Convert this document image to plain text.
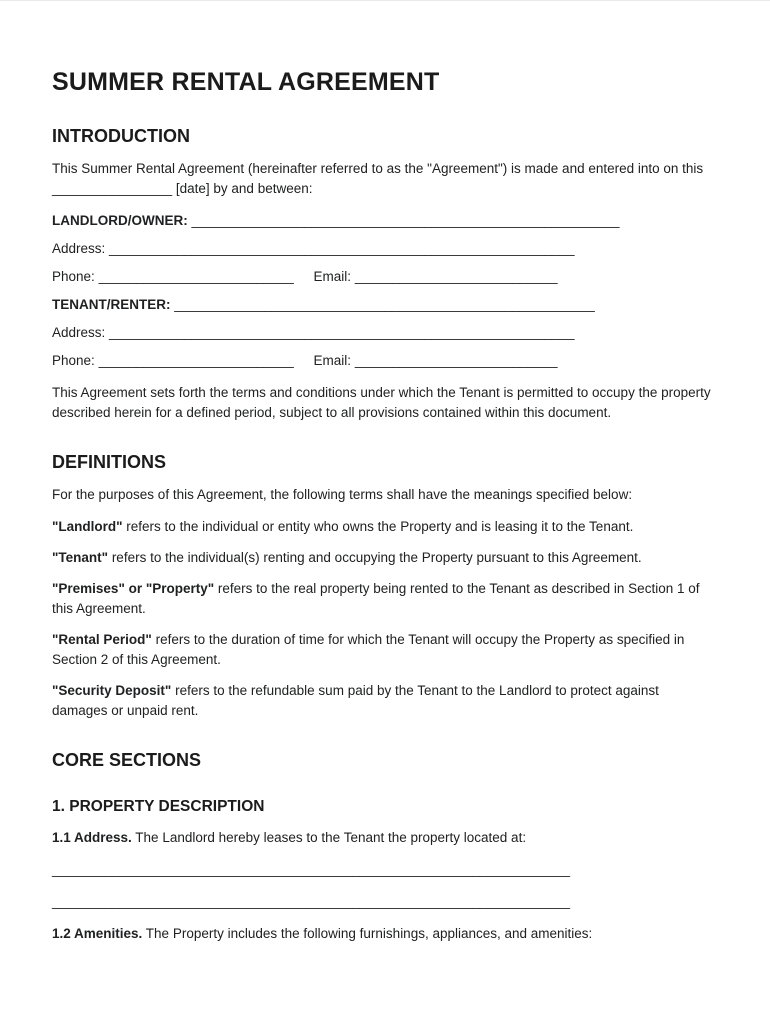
SUMMER RENTAL AGREEMENT
INTRODUCTION

This Summer Rental Agreement (hereinafter referred to as the "Agreement") is made and entered into on this ________________ [date] by and between:

LANDLORD/OWNER: _________________________________________________________

Address: ______________________________________________________________

Phone: __________________________ Email: ___________________________

TENANT/RENTER: ________________________________________________________

Address: ______________________________________________________________

Phone: __________________________ Email: ___________________________

This Agreement sets forth the terms and conditions under which the Tenant is permitted to occupy the property described herein for a defined period, subject to all provisions contained within this document.

DEFINITIONS

For the purposes of this Agreement, the following terms shall have the meanings specified below:

"Landlord" refers to the individual or entity who owns the Property and is leasing it to the Tenant.

"Tenant" refers to the individual(s) renting and occupying the Property pursuant to this Agreement.

"Premises" or "Property" refers to the real property being rented to the Tenant as described in Section 1 of this Agreement.

"Rental Period" refers to the duration of time for which the Tenant will occupy the Property as specified in Section 2 of this Agreement.

"Security Deposit" refers to the refundable sum paid by the Tenant to the Landlord to protect against damages or unpaid rent.

CORE SECTIONS
1. PROPERTY DESCRIPTION

1.1 Address. The Landlord hereby leases to the Tenant the property located at:

_____________________________________________________________________

_____________________________________________________________________

1.2 Amenities. The Property includes the following furnishings, appliances, and amenities:
